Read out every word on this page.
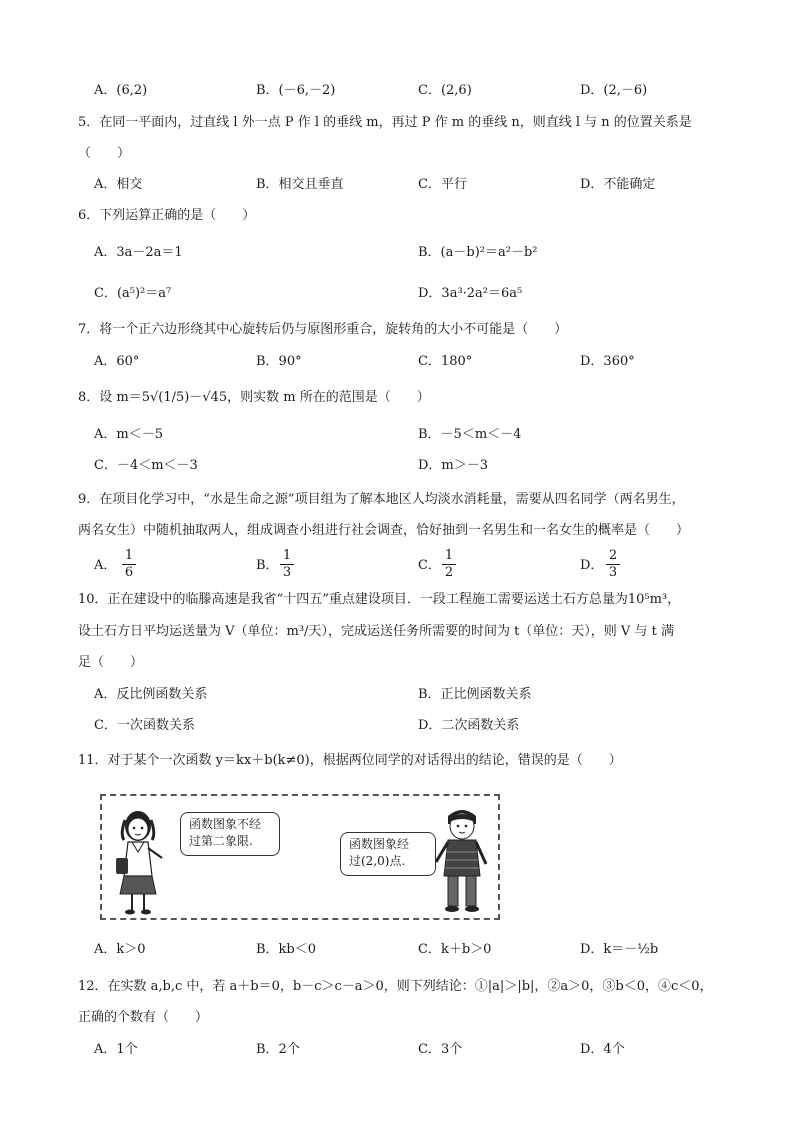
A．(6,2)	B．(－6,－2)	C．(2,6)	D．(2,－6)
5．在同一平面内，过直线 l 外一点 P 作 l 的垂线 m，再过 P 作 m 的垂线 n，则直线 l 与 n 的位置关系是
（　　）
A．相交	B．相交且垂直	C．平行	D．不能确定
6．下列运算正确的是（　　）
A．3a－2a＝1	B．(a－b)²＝a²－b²
C．(a⁵)²＝a⁷	D．3a³·2a²＝6a⁵
7．将一个正六边形绕其中心旋转后仍与原图形重合，旋转角的大小不可能是（　　）
A．60°	B．90°	C．180°	D．360°
8．设 m＝5√(1/5)－√45，则实数 m 所在的范围是（　　）
A．m＜－5	B．－5＜m＜－4
C．－4＜m＜－3	D．m＞－3
9．在项目化学习中，“水是生命之源”项目组为了解本地区人均淡水消耗量，需要从四名同学（两名男生，
两名女生）中随机抽取两人，组成调查小组进行社会调查，恰好抽到一名男生和一名女生的概率是（　　）
A． $\frac{1}{6}$	B． $\frac{1}{3}$	C． $\frac{1}{2}$	D． $\frac{2}{3}$
10．正在建设中的临滕高速是我省“十四五”重点建设项目．一段工程施工需要运送土石方总量为10⁵m³，
设土石方日平均运送量为 V（单位：m³/天），完成运送任务所需要的时间为 t（单位：天），则 V 与 t 满
足（　　）
A．反比例函数关系	B．正比例函数关系
C．一次函数关系	D．二次函数关系
11．对于某个一次函数 y＝kx＋b(k≠0)，根据两位同学的对话得出的结论，错误的是（　　）
函数图象不经
过第二象限.	函数图象经
过(2,0)点.
A．k＞0	B．kb＜0	C．k＋b＞0	D．k＝－½b
12．在实数 a,b,c 中，若 a＋b＝0，b－c＞c－a＞0，则下列结论：①|a|＞|b|，②a＞0，③b＜0，④c＜0，
正确的个数有（　　）
A．1个	B．2个	C．3个	D．4个
